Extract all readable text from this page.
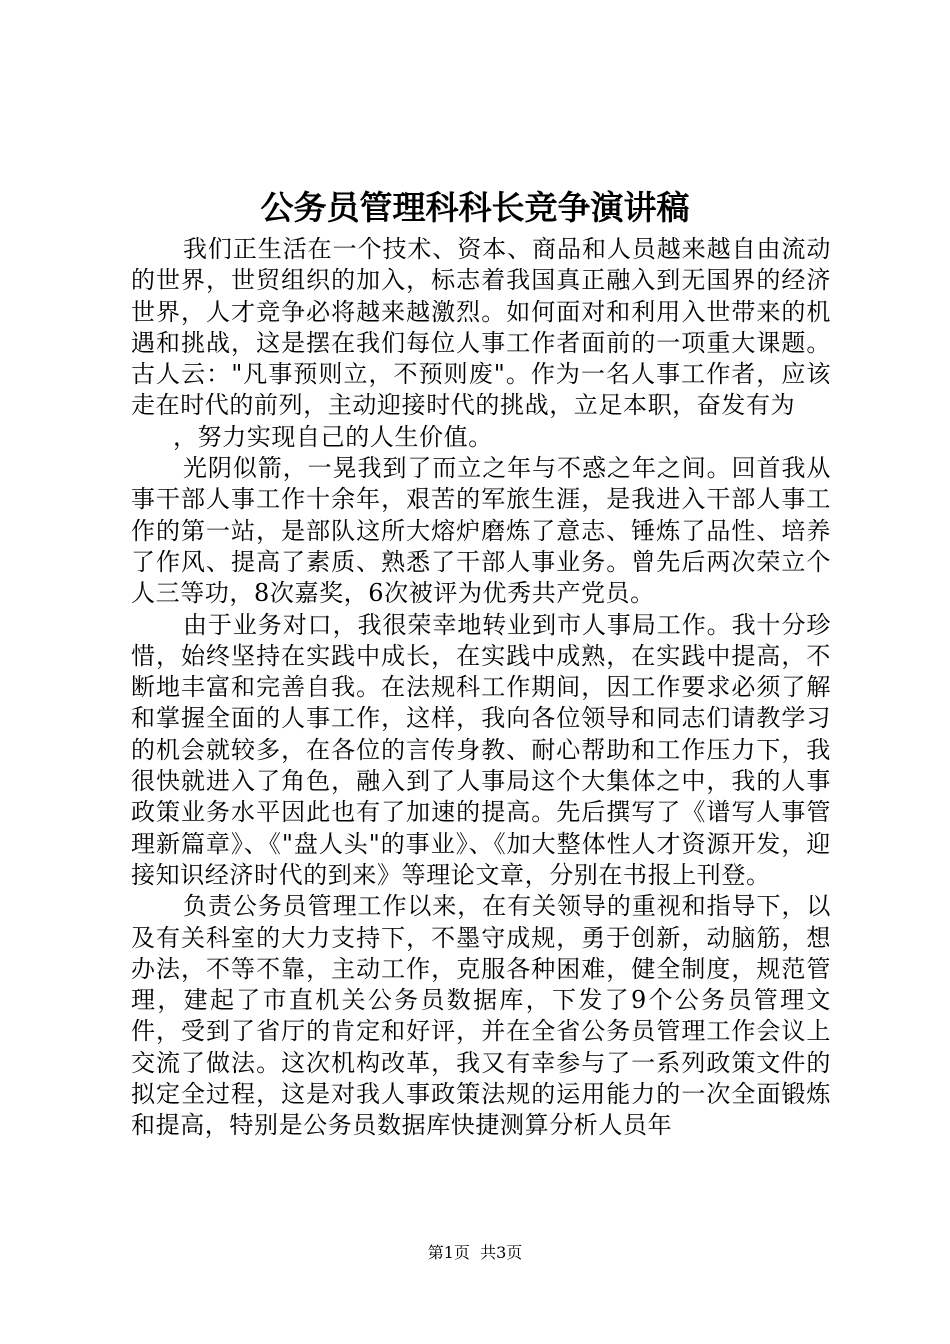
公务员管理科科长竞争演讲稿

我们正生活在一个技术、资本、商品和人员越来越自由流动的世界，世贸组织的加入，标志着我国真正融入到无国界的经济世界，人才竞争必将越来越激烈。如何面对和利用入世带来的机遇和挑战，这是摆在我们每位人事工作者面前的一项重大课题。古人云："凡事预则立，不预则废"。作为一名人事工作者，应该走在时代的前列，主动迎接时代的挑战，立足本职，奋发有为

，努力实现自己的人生价值。

光阴似箭，一晃我到了而立之年与不惑之年之间。回首我从事干部人事工作十余年，艰苦的军旅生涯，是我进入干部人事工作的第一站，是部队这所大熔炉磨炼了意志、锤炼了品性、培养了作风、提高了素质、熟悉了干部人事业务。曾先后两次荣立个人三等功，8次嘉奖，6次被评为优秀共产党员。

由于业务对口，我很荣幸地转业到市人事局工作。我十分珍惜，始终坚持在实践中成长，在实践中成熟，在实践中提高，不断地丰富和完善自我。在法规科工作期间，因工作要求必须了解和掌握全面的人事工作，这样，我向各位领导和同志们请教学习的机会就较多，在各位的言传身教、耐心帮助和工作压力下，我很快就进入了角色，融入到了人事局这个大集体之中，我的人事政策业务水平因此也有了加速的提高。先后撰写了《谱写人事管理新篇章》、《"盘人头"的事业》、《加大整体性人才资源开发，迎接知识经济时代的到来》等理论文章，分别在书报上刊登。

负责公务员管理工作以来，在有关领导的重视和指导下，以及有关科室的大力支持下，不墨守成规，勇于创新，动脑筋，想办法，不等不靠，主动工作，克服各种困难，健全制度，规范管理，建起了市直机关公务员数据库，下发了9个公务员管理文件，受到了省厅的肯定和好评，并在全省公务员管理工作会议上交流了做法。这次机构改革，我又有幸参与了一系列政策文件的拟定全过程，这是对我人事政策法规的运用能力的一次全面锻炼和提高，特别是公务员数据库快捷测算分析人员年

第1页 共3页
